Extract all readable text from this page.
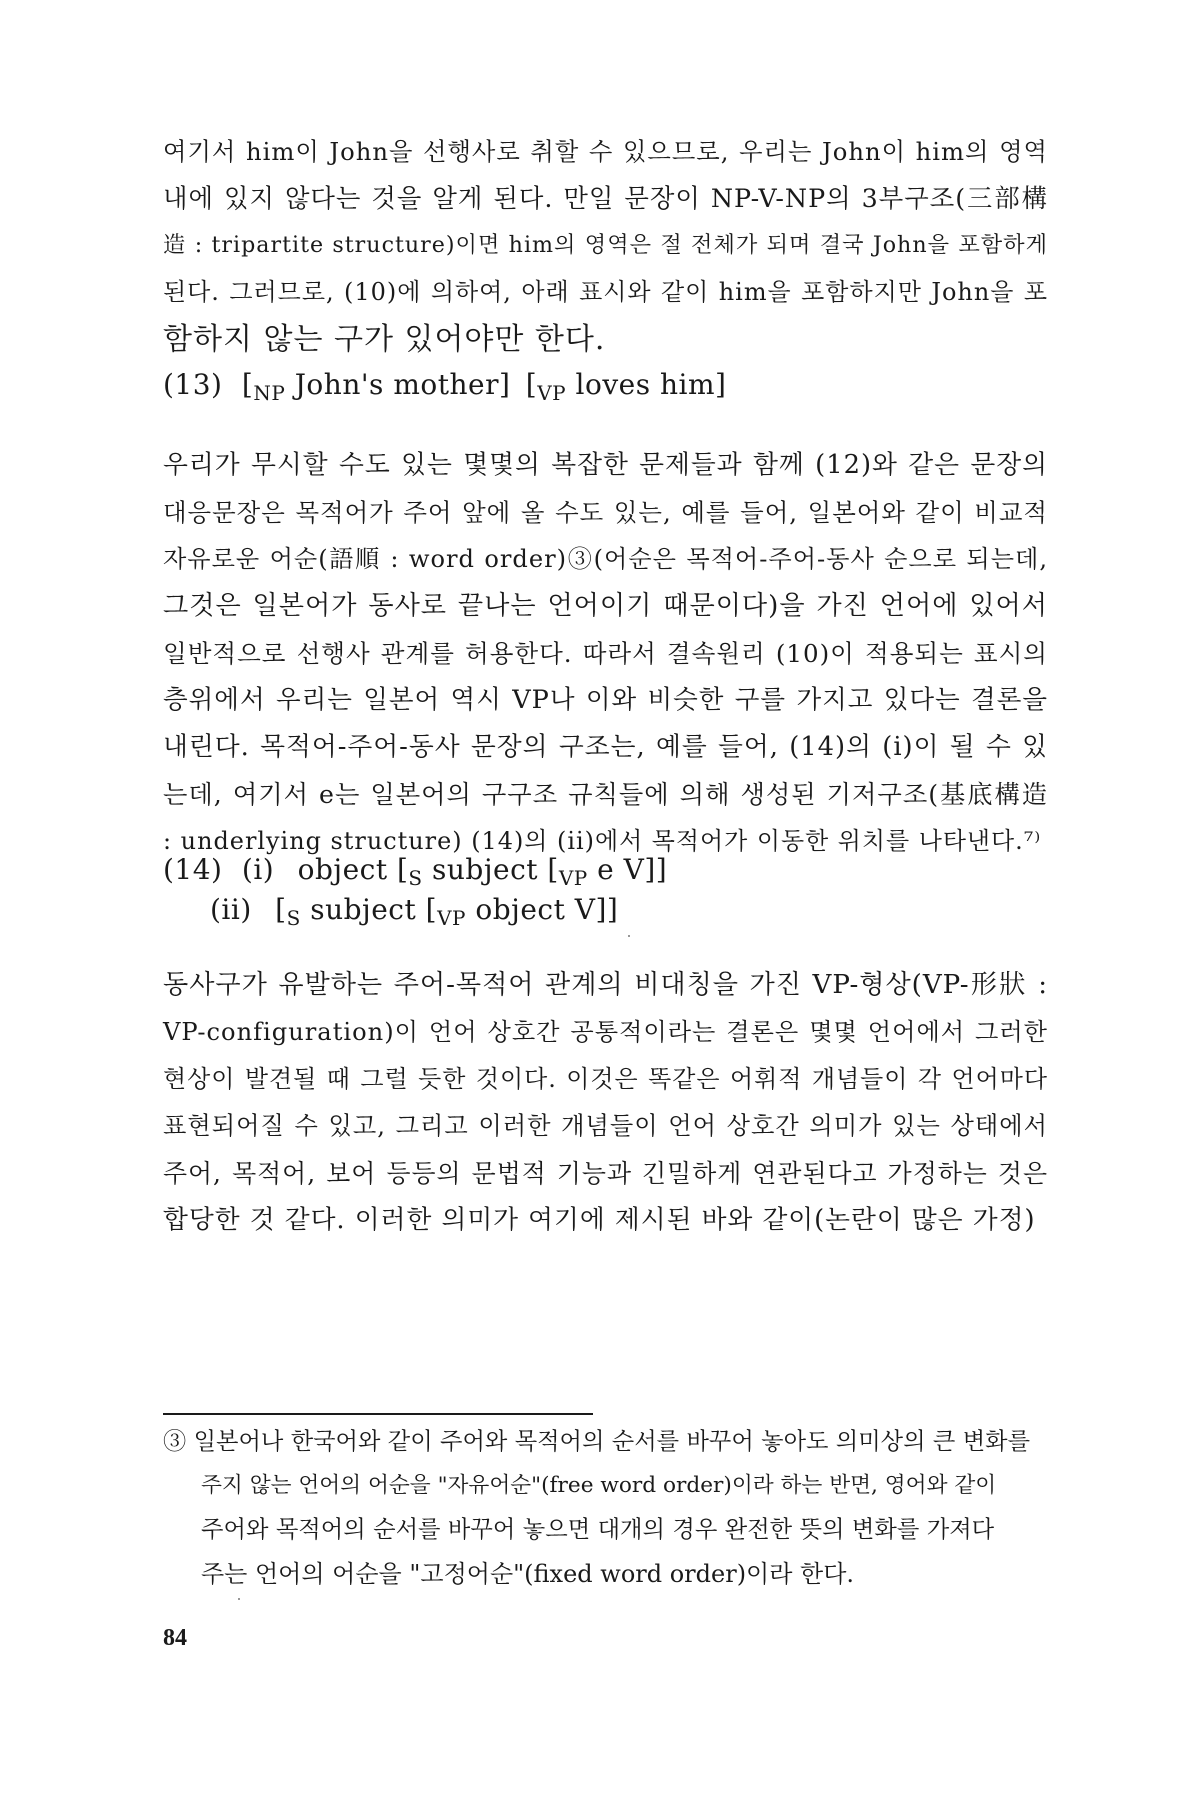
여기서 him이 John을 선행사로 취할 수 있으므로, 우리는 John이 him의 영역
내에 있지 않다는 것을 알게 된다. 만일 문장이 NP-V-NP의 3부구조(三部構
造 : tripartite structure)이면 him의 영역은 절 전체가 되며 결국 John을 포함하게
된다. 그러므로, (10)에 의하여, 아래 표시와 같이 him을 포함하지만 John을 포
함하지 않는 구가 있어야만 한다.
(13) [$_{NP}$ John's mother] [$_{VP}$ loves him]
우리가 무시할 수도 있는 몇몇의 복잡한 문제들과 함께 (12)와 같은 문장의
대응문장은 목적어가 주어 앞에 올 수도 있는, 예를 들어, 일본어와 같이 비교적
자유로운 어순(語順 : word order)③(어순은 목적어-주어-동사 순으로 되는데,
그것은 일본어가 동사로 끝나는 언어이기 때문이다)을 가진 언어에 있어서
일반적으로 선행사 관계를 허용한다. 따라서 결속원리 (10)이 적용되는 표시의
층위에서 우리는 일본어 역시 VP나 이와 비슷한 구를 가지고 있다는 결론을
내린다. 목적어-주어-동사 문장의 구조는, 예를 들어, (14)의 (i)이 될 수 있
는데, 여기서 e는 일본어의 구구조 규칙들에 의해 생성된 기저구조(基底構造
: underlying structure) (14)의 (ii)에서 목적어가 이동한 위치를 나타낸다.⁷⁾
(14) (i) object [$_S$ subject [$_{VP}$ e V]]
(ii) [$_S$ subject [$_{VP}$ object V]]
동사구가 유발하는 주어-목적어 관계의 비대칭을 가진 VP-형상(VP-形狀 :
VP-configuration)이 언어 상호간 공통적이라는 결론은 몇몇 언어에서 그러한
현상이 발견될 때 그럴 듯한 것이다. 이것은 똑같은 어휘적 개념들이 각 언어마다
표현되어질 수 있고, 그리고 이러한 개념들이 언어 상호간 의미가 있는 상태에서
주어, 목적어, 보어 등등의 문법적 기능과 긴밀하게 연관된다고 가정하는 것은
합당한 것 같다. 이러한 의미가 여기에 제시된 바와 같이(논란이 많은 가정)
③ 일본어나 한국어와 같이 주어와 목적어의 순서를 바꾸어 놓아도 의미상의 큰 변화를
주지 않는 언어의 어순을 "자유어순"(free word order)이라 하는 반면, 영어와 같이
주어와 목적어의 순서를 바꾸어 놓으면 대개의 경우 완전한 뜻의 변화를 가져다
주는 언어의 어순을 "고정어순"(fixed word order)이라 한다.
84
